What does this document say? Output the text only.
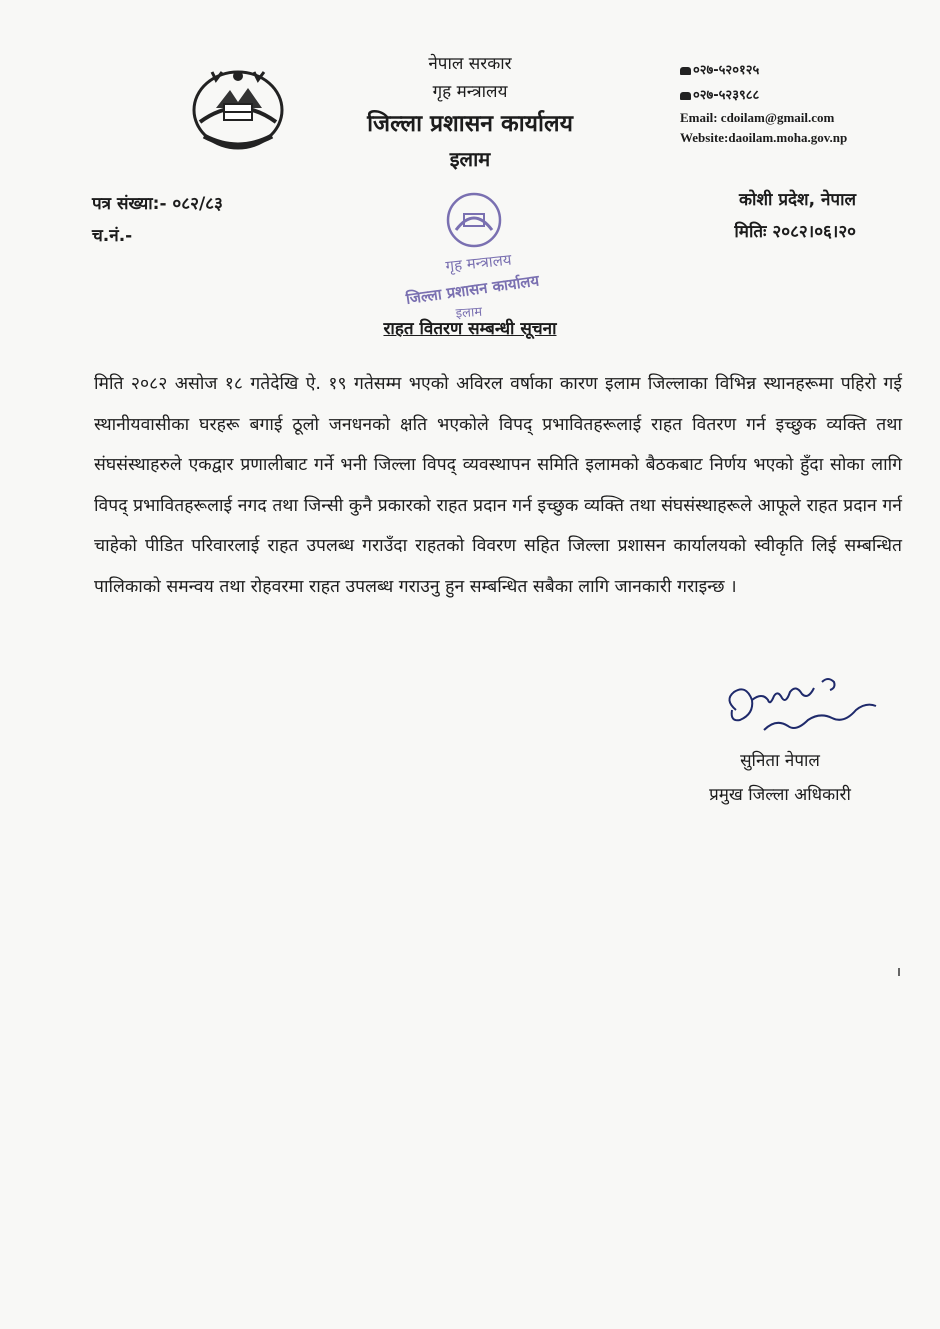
नेपाल सरकार
गृह मन्त्रालय
जिल्ला प्रशासन कार्यालय
इलाम
०२७-५२०१२५
०२७-५२३९८८
Email: cdoilam@gmail.com
Website:daoilam.moha.gov.np
पत्र संख्या:- ०८२/८३
च.नं.-
कोशी प्रदेश, नेपाल
मितिः २०८२।०६।२०
गृह मन्त्रालय
जिल्ला प्रशासन कार्यालय
इलाम
राहत वितरण सम्बन्धी सूचना
मिति २०८२ असोज १८ गतेदेखि ऐ. १९ गतेसम्म भएको अविरल वर्षाका कारण इलाम जिल्लाका विभिन्न स्थानहरूमा पहिरो गई स्थानीयवासीका घरहरू बगाई ठूलो जनधनको क्षति भएकोले विपद् प्रभावितहरूलाई राहत वितरण गर्न इच्छुक व्यक्ति तथा संघसंस्थाहरुले एकद्वार प्रणालीबाट गर्ने भनी जिल्ला विपद् व्यवस्थापन समिति इलामको बैठकबाट निर्णय भएको हुँदा सोका लागि विपद् प्रभावितहरूलाई नगद तथा जिन्सी कुनै प्रकारको राहत प्रदान गर्न इच्छुक व्यक्ति तथा संघसंस्थाहरूले आफूले राहत प्रदान गर्न चाहेको पीडित परिवारलाई राहत उपलब्ध गराउँदा राहतको विवरण सहित जिल्ला प्रशासन कार्यालयको स्वीकृति लिई सम्बन्धित पालिकाको समन्वय तथा रोहवरमा राहत उपलब्ध गराउनु हुन सम्बन्धित सबैका लागि जानकारी गराइन्छ ।
सुनिता नेपाल
प्रमुख जिल्ला अधिकारी
